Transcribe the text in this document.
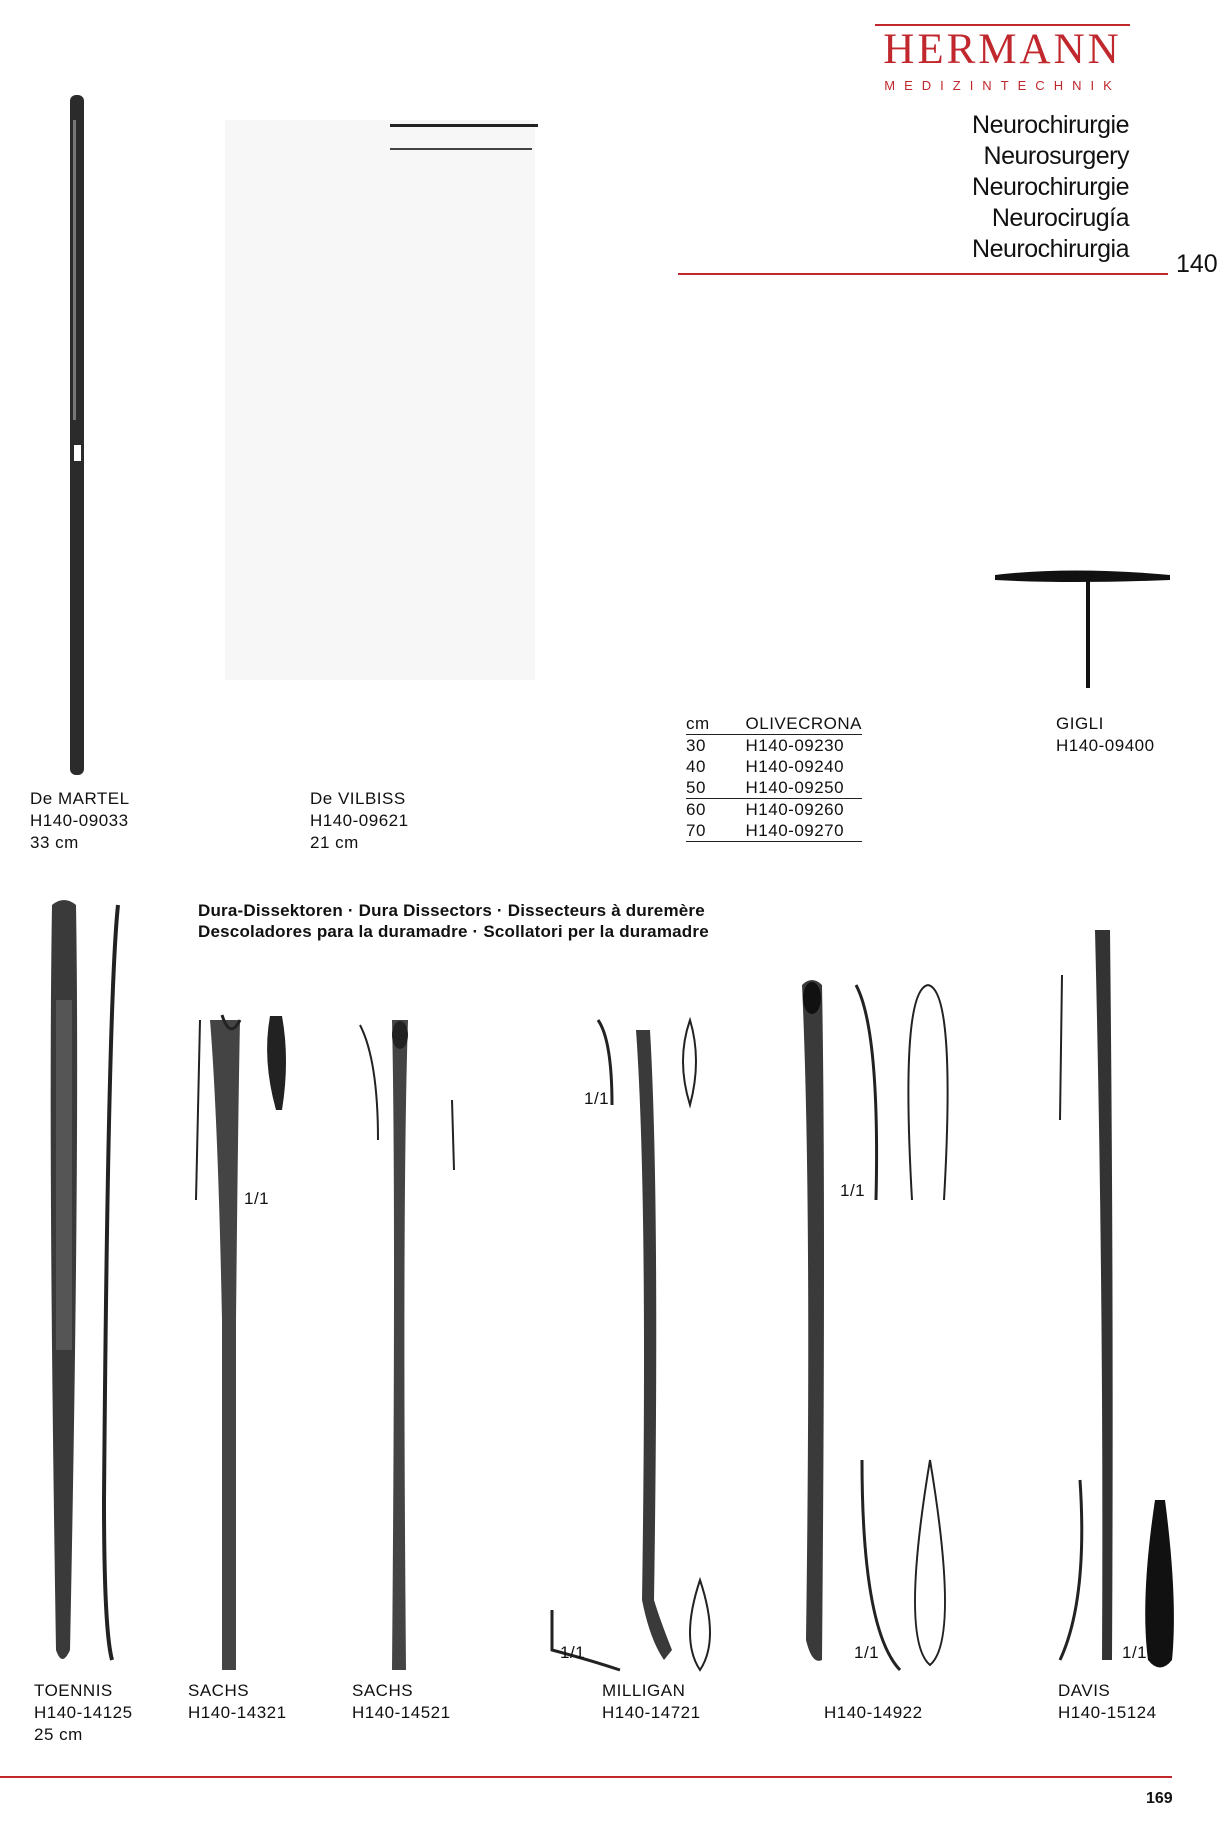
HERMANN
MEDIZINTECHNIK
Neurochirurgie
Neurosurgery
Neurochirurgie
Neurocirugía
Neurochirurgia
140
De MARTEL
H140-09033
33 cm
De VILBISS
H140-09621
21 cm
cm	OLIVECRONA
30	H140-09230
40	H140-09240
50	H140-09250
60	H140-09260
70	H140-09270
GIGLI
H140-09400
Dura-Dissektoren · Dura Dissectors · Dissecteurs à duremère
Descoladores para la duramadre · Scollatori per la duramadre
1/1
1/1
1/1
1/1	1/1	1/1
TOENNIS
H140-14125
25 cm
SACHS
H140-14321
SACHS
H140-14521
MILLIGAN
H140-14721	H140-14922
DAVIS
H140-15124
169
